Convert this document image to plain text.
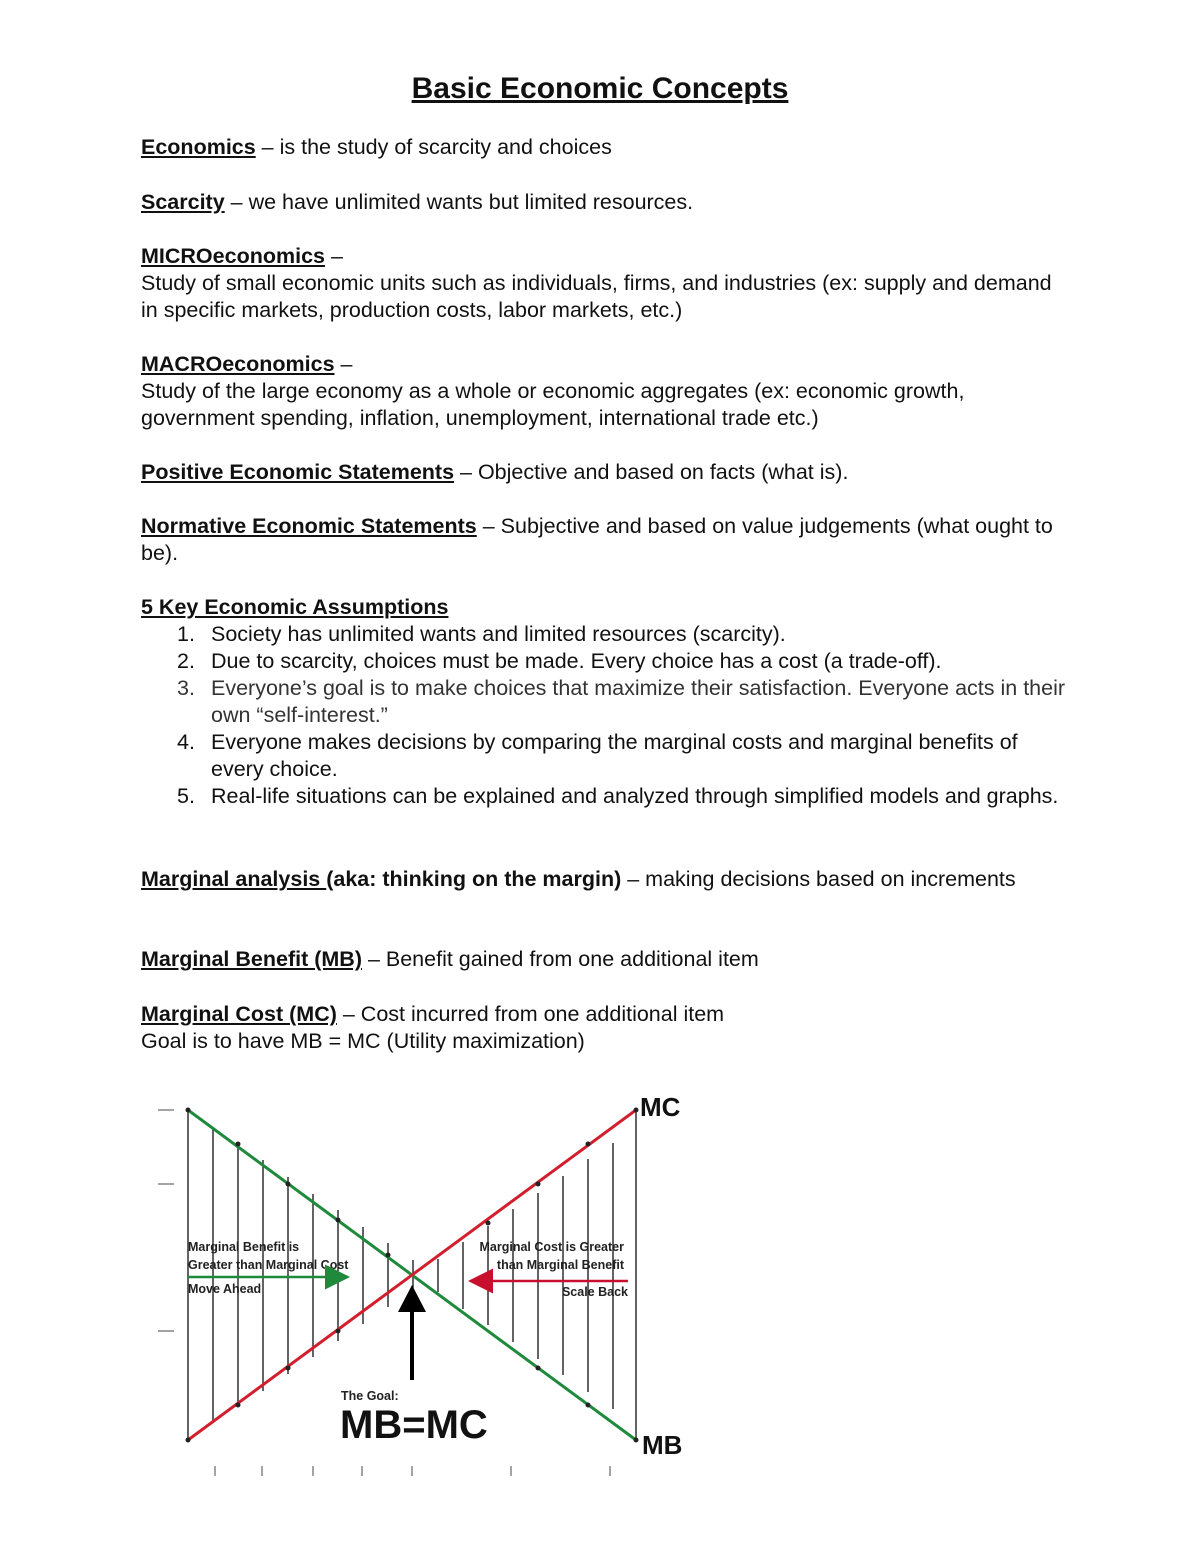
Basic Economic Concepts
Economics – is the study of scarcity and choices
Scarcity – we have unlimited wants but limited resources.
MICROeconomics –
Study of small economic units such as individuals, firms, and industries (ex: supply and demand in specific markets, production costs, labor markets, etc.)
MACROeconomics –
Study of the large economy as a whole or economic aggregates (ex: economic growth, government spending, inflation, unemployment, international trade etc.)
Positive Economic Statements – Objective and based on facts (what is).
Normative Economic Statements – Subjective and based on value judgements (what ought to be).
5 Key Economic Assumptions
1. Society has unlimited wants and limited resources (scarcity).
2. Due to scarcity, choices must be made. Every choice has a cost (a trade-off).
3. Everyone’s goal is to make choices that maximize their satisfaction. Everyone acts in their own “self-interest.”
4. Everyone makes decisions by comparing the marginal costs and marginal benefits of every choice.
5. Real-life situations can be explained and analyzed through simplified models and graphs.
Marginal analysis (aka: thinking on the margin) – making decisions based on increments
Marginal Benefit (MB) – Benefit gained from one additional item
Marginal Cost (MC) – Cost incurred from one additional item
Goal is to have MB = MC (Utility maximization)
Marginal Benefit is
Greater than Marginal Cost
Move Ahead
Marginal Cost is Greater
than Marginal Benefit
Scale Back
The Goal:
MB=MC
MC
MB
